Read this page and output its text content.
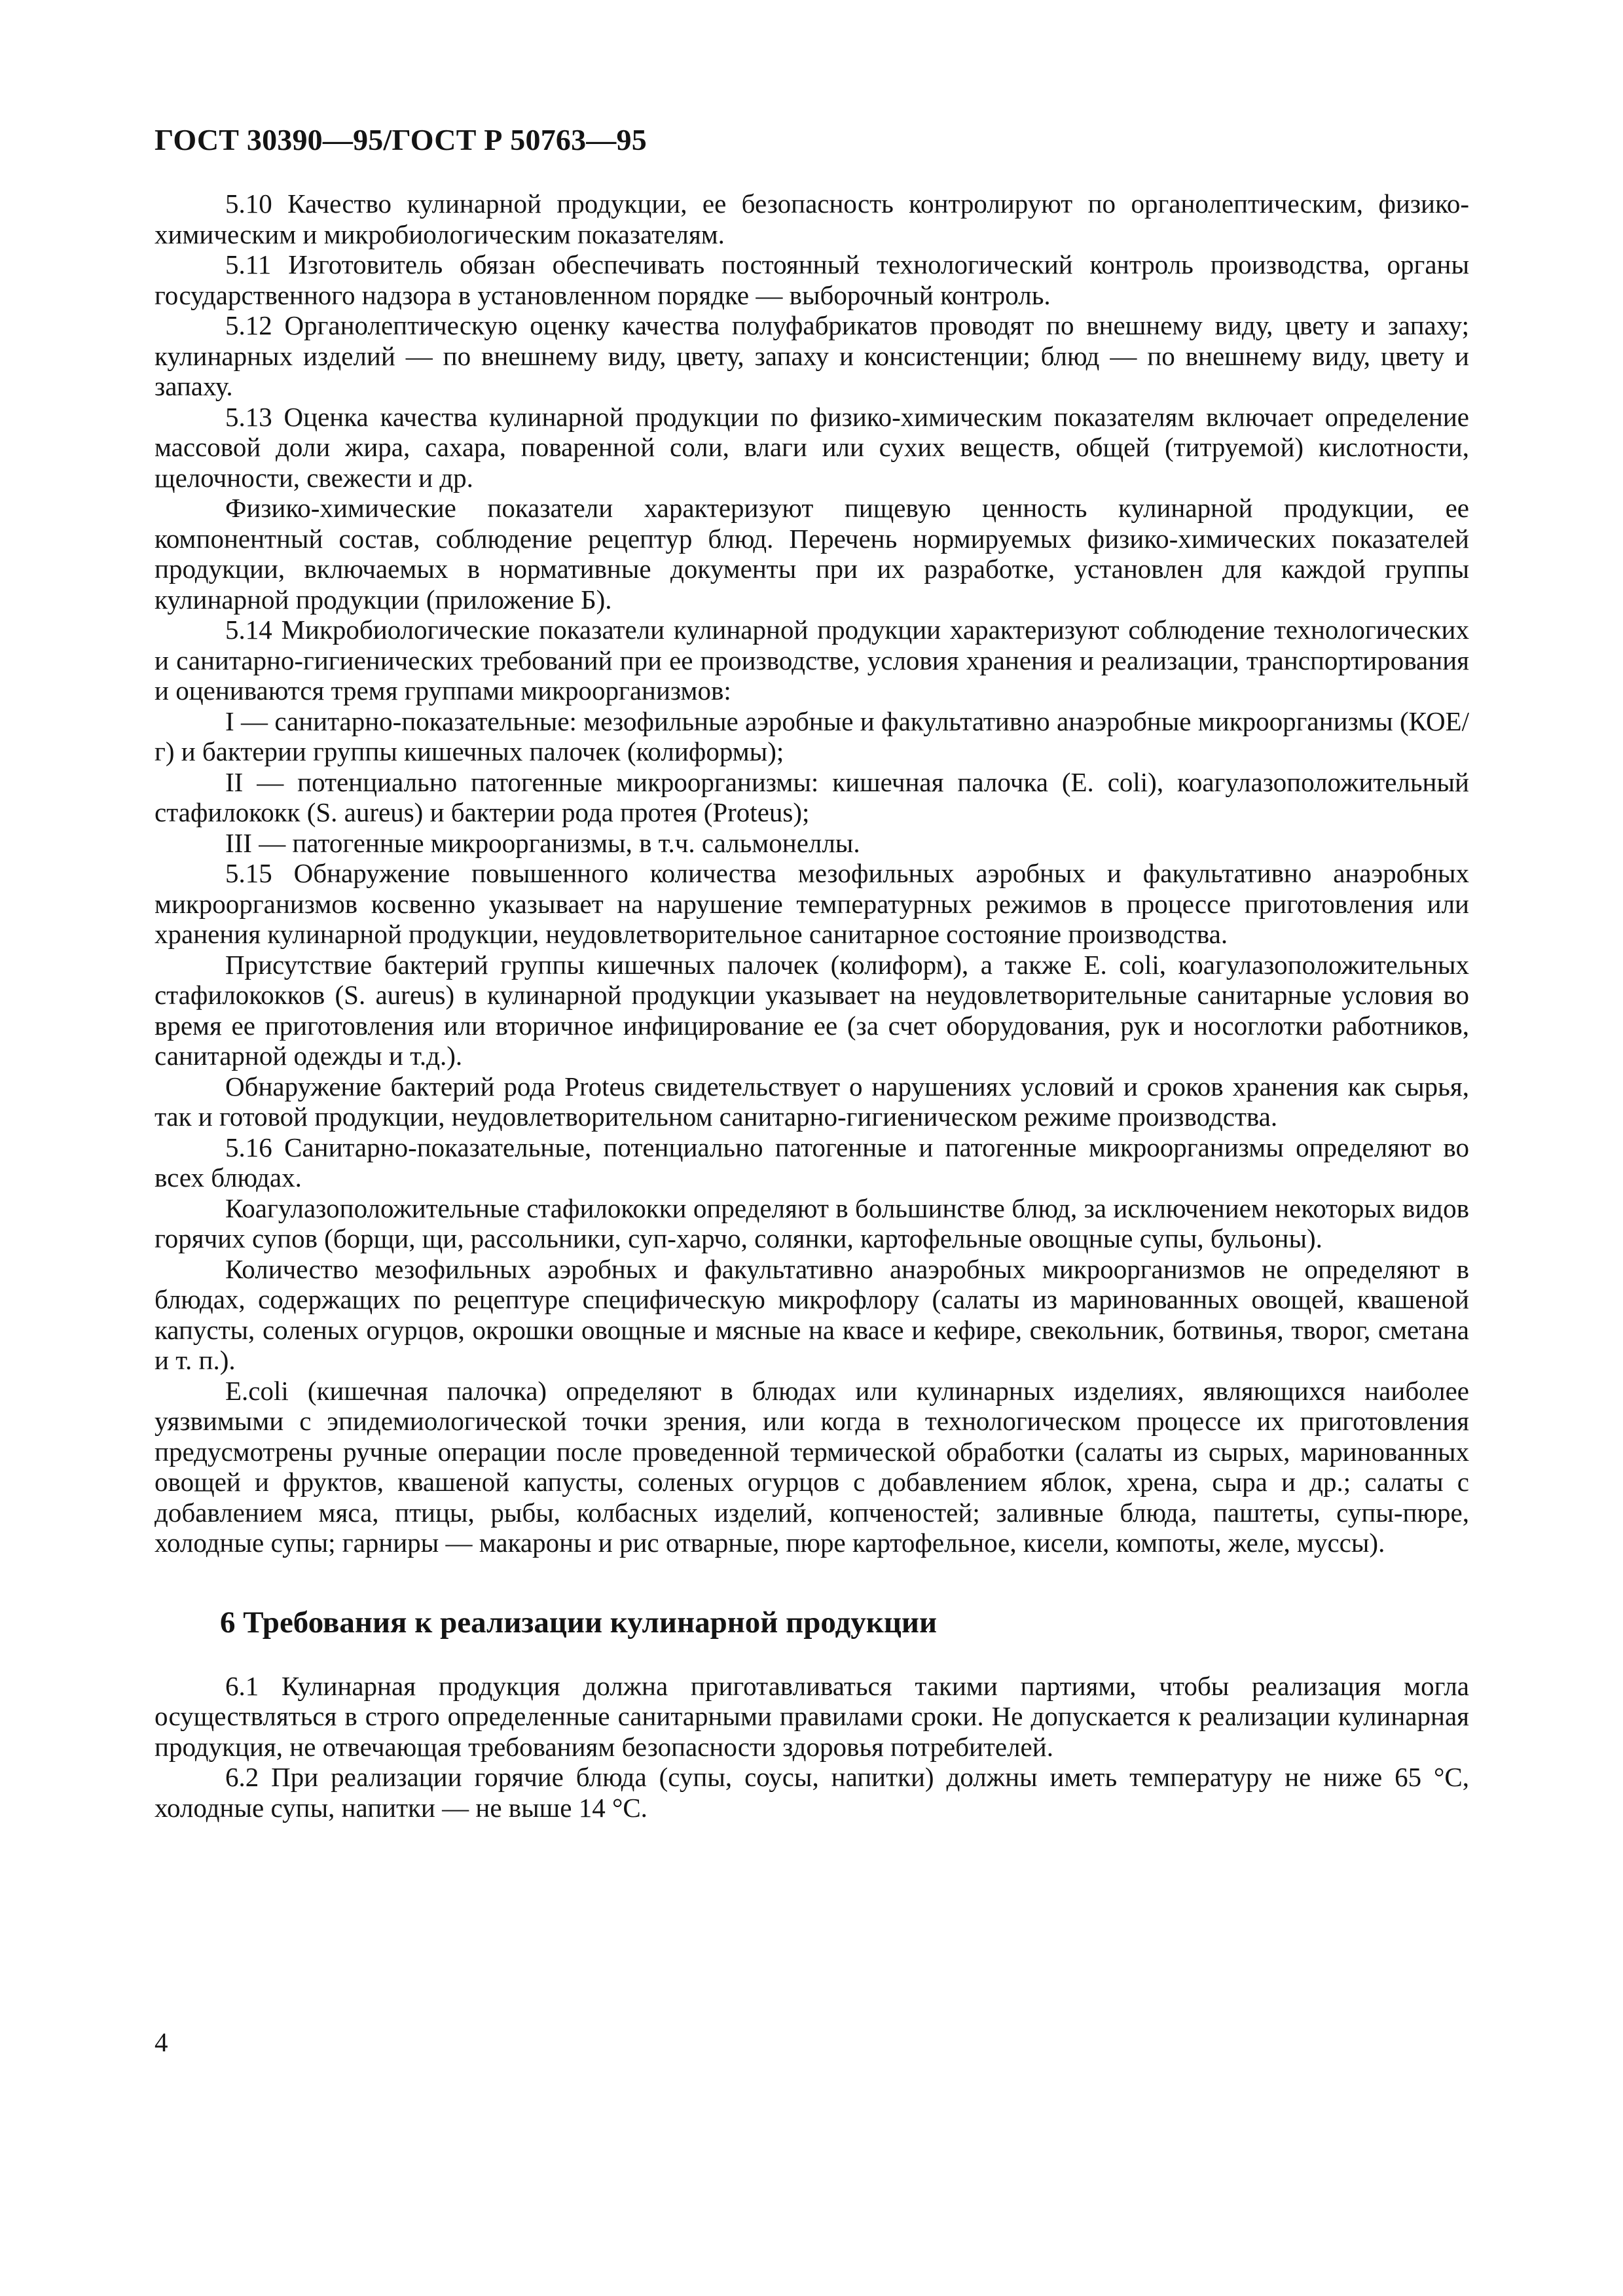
ГОСТ 30390—95/ГОСТ Р 50763—95

5.10 Качество кулинарной продукции, ее безопасность контролируют по органолептическим, физико-химическим и микробиологическим показателям.

5.11 Изготовитель обязан обеспечивать постоянный технологический контроль производства, органы государственного надзора в установленном порядке — выборочный контроль.

5.12 Органолептическую оценку качества полуфабрикатов проводят по внешнему виду, цвету и запаху; кулинарных изделий — по внешнему виду, цвету, запаху и консистенции; блюд — по внешнему виду, цвету и запаху.

5.13 Оценка качества кулинарной продукции по физико-химическим показателям включает определение массовой доли жира, сахара, поваренной соли, влаги или сухих веществ, общей (титруемой) кислотности, щелочности, свежести и др.

Физико-химические показатели характеризуют пищевую ценность кулинарной продукции, ее компонентный состав, соблюдение рецептур блюд. Перечень нормируемых физико-химических показателей продукции, включаемых в нормативные документы при их разработке, установлен для каждой группы кулинарной продукции (приложение Б).

5.14 Микробиологические показатели кулинарной продукции характеризуют соблюдение технологических и санитарно-гигиенических требований при ее производстве, условия хранения и реализации, транспортирования и оцениваются тремя группами микроорганизмов:

I — санитарно-показательные: мезофильные аэробные и факультативно анаэробные микроорганизмы (КОЕ/г) и бактерии группы кишечных палочек (колиформы);

II — потенциально патогенные микроорганизмы: кишечная палочка (Е. coli), коагулазоположительный стафилококк (S. aureus) и бактерии рода протея (Proteus);

III — патогенные микроорганизмы, в т.ч. сальмонеллы.

5.15 Обнаружение повышенного количества мезофильных аэробных и факультативно анаэробных микроорганизмов косвенно указывает на нарушение температурных режимов в процессе приготовления или хранения кулинарной продукции, неудовлетворительное санитарное состояние производства.

Присутствие бактерий группы кишечных палочек (колиформ), а также Е. coli, коагулазоположительных стафилококков (S. aureus) в кулинарной продукции указывает на неудовлетворительные санитарные условия во время ее приготовления или вторичное инфицирование ее (за счет оборудования, рук и носоглотки работников, санитарной одежды и т.д.).

Обнаружение бактерий рода Proteus свидетельствует о нарушениях условий и сроков хранения как сырья, так и готовой продукции, неудовлетворительном санитарно-гигиеническом режиме производства.

5.16 Санитарно-показательные, потенциально патогенные и патогенные микроорганизмы определяют во всех блюдах.

Коагулазоположительные стафилококки определяют в большинстве блюд, за исключением некоторых видов горячих супов (борщи, щи, рассольники, суп-харчо, солянки, картофельные овощные супы, бульоны).

Количество мезофильных аэробных и факультативно анаэробных микроорганизмов не определяют в блюдах, содержащих по рецептуре специфическую микрофлору (салаты из маринованных овощей, квашеной капусты, соленых огурцов, окрошки овощные и мясные на квасе и кефире, свекольник, ботвинья, творог, сметана и т. п.).

Е.coli (кишечная палочка) определяют в блюдах или кулинарных изделиях, являющихся наиболее уязвимыми с эпидемиологической точки зрения, или когда в технологическом процессе их приготовления предусмотрены ручные операции после проведенной термической обработки (салаты из сырых, маринованных овощей и фруктов, квашеной капусты, соленых огурцов с добавлением яблок, хрена, сыра и др.; салаты с добавлением мяса, птицы, рыбы, колбасных изделий, копченостей; заливные блюда, паштеты, супы-пюре, холодные супы; гарниры — макароны и рис отварные, пюре картофельное, кисели, компоты, желе, муссы).

6 Требования к реализации кулинарной продукции

6.1 Кулинарная продукция должна приготавливаться такими партиями, чтобы реализация могла осуществляться в строго определенные санитарными правилами сроки. Не допускается к реализации кулинарная продукция, не отвечающая требованиям безопасности здоровья потребителей.

6.2 При реализации горячие блюда (супы, соусы, напитки) должны иметь температуру не ниже 65 °С, холодные супы, напитки — не выше 14 °С.

4
